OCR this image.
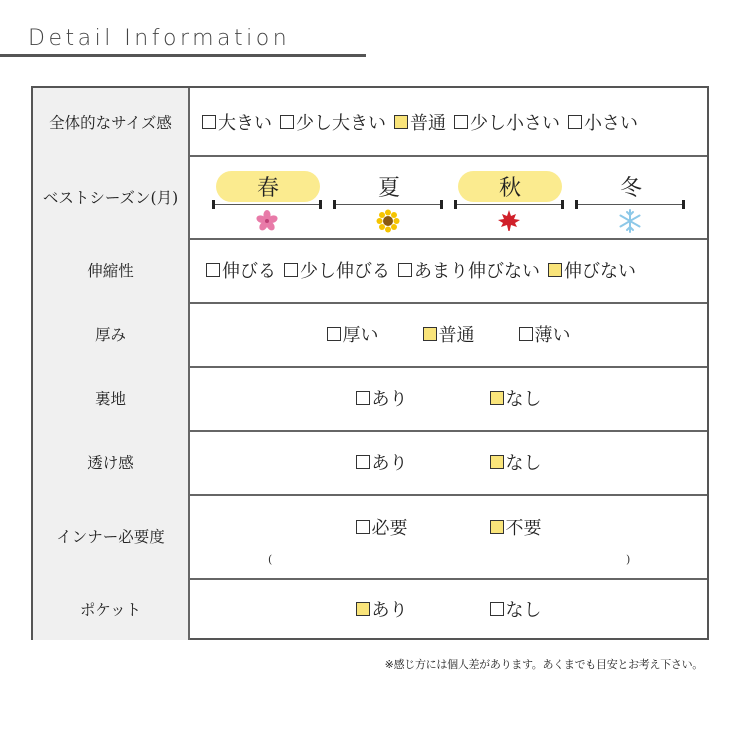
Detail Information
全体的なサイズ感	大きい 少し大きい 普通 少し小さい 小さい
ベストシーズン(月)	春	夏	秋	冬
伸縮性	伸びる 少し伸びる あまり伸びない 伸びない
厚み	厚い	普通	薄い
裏地	あり	なし
透け感	あり	なし
インナー必要度	必要	不要
(	)
ポケット	あり	なし
※感じ方には個人差があります。あくまでも目安とお考え下さい。
